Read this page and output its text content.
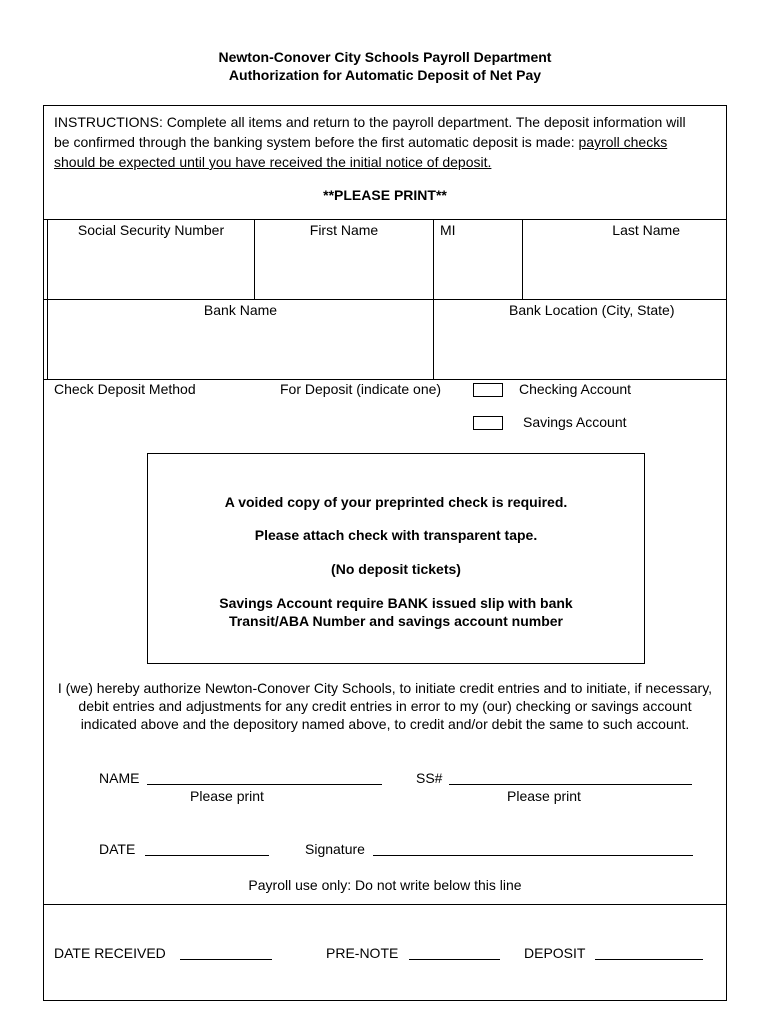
Newton-Conover City Schools Payroll Department
Authorization for Automatic Deposit of Net Pay
INSTRUCTIONS: Complete all items and return to the payroll department. The deposit information will be confirmed through the banking system before the first automatic deposit is made: payroll checks should be expected until you have received the initial notice of deposit.
**PLEASE PRINT**
Social Security Number	First Name	MI	Last Name
Bank Name	Bank Location (City, State)
Check Deposit Method	For Deposit (indicate one)	Checking Account
Savings Account

A voided copy of your preprinted check is required.

Please attach check with transparent tape.

(No deposit tickets)

Savings Account require BANK issued slip with bank

Transit/ABA Number and savings account number

I (we) hereby authorize Newton-Conover City Schools, to initiate credit entries and to initiate, if necessary, debit entries and adjustments for any credit entries in error to my (our) checking or savings account indicated above and the depository named above, to credit and/or debit the same to such account.
NAME
Please print
SS#
Please print
DATE	Signature
Payroll use only: Do not write below this line
DATE RECEIVED	PRE-NOTE	DEPOSIT
